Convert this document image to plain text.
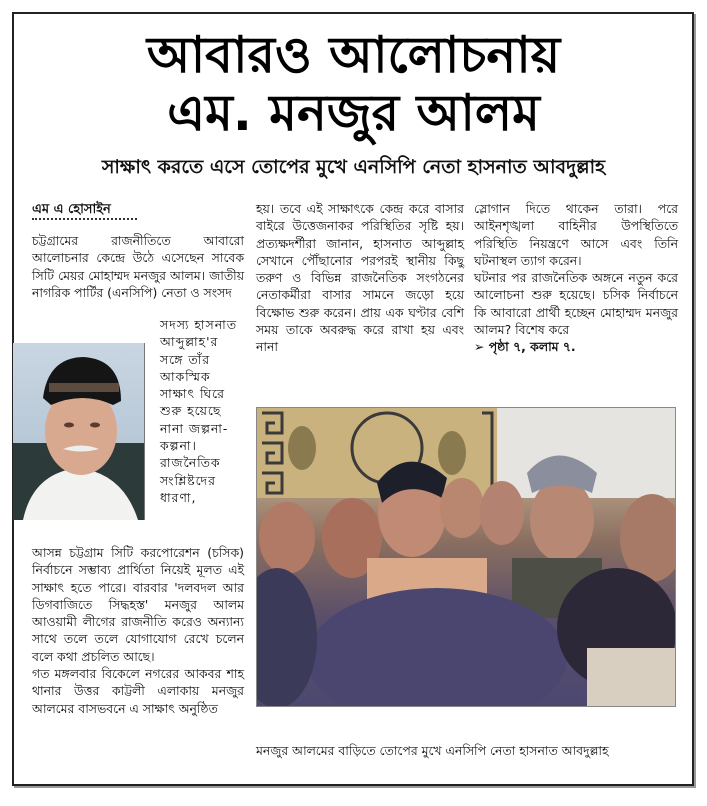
আবারও আলোচনায়
এম. মনজুর আলম
সাক্ষাৎ করতে এসে তোপের মুখে এনসিপি নেতা হাসনাত আবদুল্লাহ
এম এ হোসাইন

চট্টগ্রামের রাজনীতিতে আবারো আলোচনার কেন্দ্রে উঠে এসেছেন সাবেক সিটি মেয়র মোহাম্মদ মনজুর আলম। জাতীয় নাগরিক পার্টির (এনসিপি) নেতা ও সংসদ

সদস্য হাসনাত আব্দুল্লাহ'র সঙ্গে তাঁর আকস্মিক সাক্ষাৎ ঘিরে শুরু হয়েছে নানা জল্পনা-কল্পনা। রাজনৈতিক সংশ্লিষ্টদের ধারণা,

আসন্ন চট্টগ্রাম সিটি করপোরেশন (চসিক) নির্বাচনে সম্ভাব্য প্রার্থিতা নিয়েই মূলত এই সাক্ষাৎ হতে পারে। বারবার 'দলবদল আর ডিগবাজিতে সিদ্ধহস্ত' মনজুর আলম আওয়ামী লীগের রাজনীতি করেও অন্যান্য সাথে তলে তলে যোগাযোগ রেখে চলেন বলে কথা প্রচলিত আছে।

গত মঙ্গলবার বিকেলে নগরের আকবর শাহ থানার উত্তর কাট্টলী এলাকায় মনজুর আলমের বাসভবনে এ সাক্ষাৎ অনুষ্ঠিত

হয়। তবে এই সাক্ষাৎকে কেন্দ্র করে বাসার বাইরে উত্তেজনাকর পরিস্থিতির সৃষ্টি হয়। প্রত্যক্ষদর্শীরা জানান, হাসনাত আব্দুল্লাহ সেখানে পৌঁছানোর পরপরই স্থানীয় কিছু তরুণ ও বিভিন্ন রাজনৈতিক সংগঠনের নেতাকর্মীরা বাসার সামনে জড়ো হয়ে বিক্ষোভ শুরু করেন। প্রায় এক ঘণ্টার বেশি সময় তাকে অবরুদ্ধ করে রাখা হয় এবং নানা

স্লোগান দিতে থাকেন তারা। পরে আইনশৃঙ্খলা বাহিনীর উপস্থিতিতে পরিস্থিতি নিয়ন্ত্রণে আসে এবং তিনি ঘটনাস্থল ত্যাগ করেন।

ঘটনার পর রাজনৈতিক অঙ্গনে নতুন করে আলোচনা শুরু হয়েছে। চসিক নির্বাচনে কি আবারো প্রার্থী হচ্ছেন মোহাম্মদ মনজুর আলম? বিশেষ করে

➢ পৃষ্ঠা ৭, কলাম ৭.

মনজুর আলমের বাড়িতে তোপের মুখে এনসিপি নেতা হাসনাত আবদুল্লাহ
